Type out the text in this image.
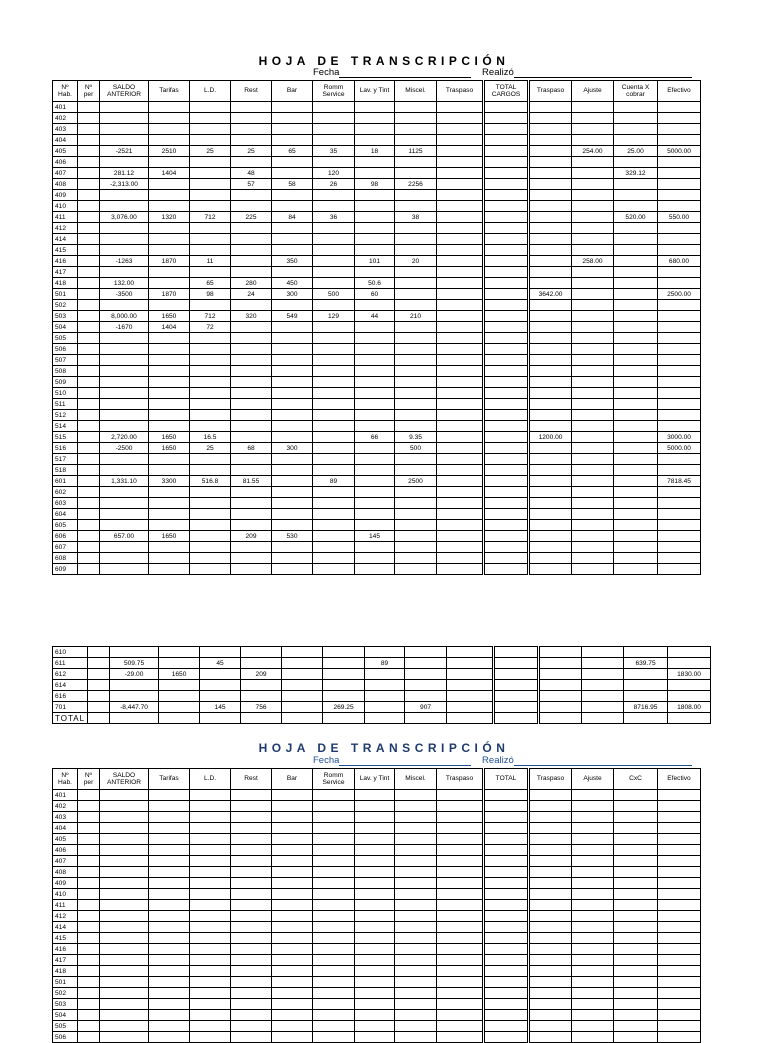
HOJA DE TRANSCRIPCIÓN
Fecha	Realizó
Nº Hab.	Nº per	SALDO ANTERIOR	Tarifas	L.D.	Rest	Bar	Romm Service	Lav. y Tint	Miscel.	Traspaso	TOTAL CARGOS	Traspaso	Ajuste	Cuenta X cobrar	Efectivo
401															
402															
403															
404															
405		-2521	2510	25	25	65	35	18	1125				254.00	25.00	5000.00
406															
407		281.12	1404		48		120							329.12	
408		-2,313.00			57	58	26	98	2256						
409															
410															
411		3,076.00	1320	712	225	84	36		38					520.00	550.00
412															
414															
415															
416		-1263	1870	11		350		101	20				258.00		680.00
417															
418		132.00		65	280	450		50.6							
501		-3500	1870	98	24	300	500	60				3642.00			2500.00
502															
503		8,000.00	1650	712	320	549	129	44	210						
504		-1670	1404	72											
505															
506															
507															
508															
509															
510															
511															
512															
514															
515		2,720.00	1650	16.5				66	9.35			1200.00			3000.00
516		-2500	1650	25	68	300			500						5000.00
517															
518															
601		1,331.10	3300	516.8	81.55		89		2500						7818.45
602															
603															
604															
605															
606		657.00	1650		209	530		145							
607															
608															
609															
610															
611		509.75		45				89						639.75	
612		-29.00	1650		209										1830.00
614															
616															
701		-8,447.70		145	756		269.25		907					8716.95	1808.00
TOTAL															
HOJA DE TRANSCRIPCIÓN
Fecha	Realizó
Nº Hab.	Nº per	SALDO ANTERIOR	Tarifas	L.D.	Rest	Bar	Romm Service	Lav. y Tint	Miscel.	Traspaso	TOTAL	Traspaso	Ajuste	CxC	Efectivo
401															
402															
403															
404															
405															
406															
407															
408															
409															
410															
411															
412															
414															
415															
416															
417															
418															
501															
502															
503															
504															
505															
506															
